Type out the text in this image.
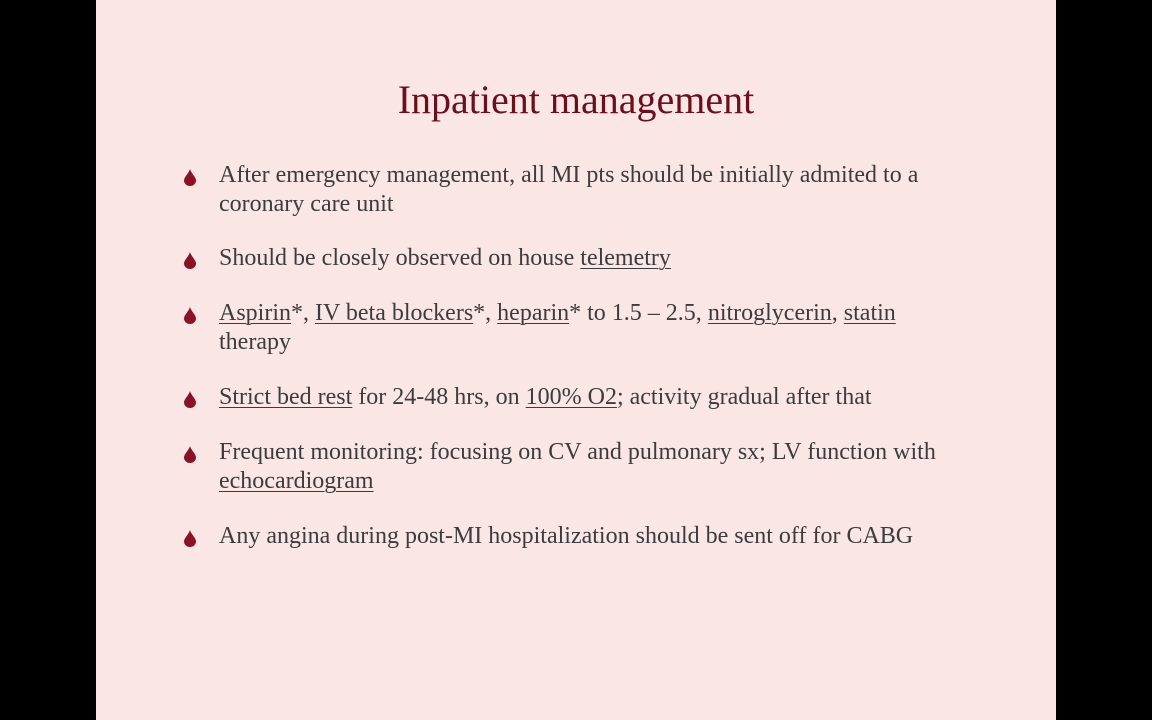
Inpatient management
After emergency management, all MI pts should be initially admited to a coronary care unit
Should be closely observed on house telemetry
Aspirin*, IV beta blockers*, heparin* to 1.5 – 2.5, nitroglycerin, statin therapy
Strict bed rest for 24-48 hrs, on 100% O2; activity gradual after that
Frequent monitoring: focusing on CV and pulmonary sx; LV function with echocardiogram
Any angina during post-MI hospitalization should be sent off for CABG
